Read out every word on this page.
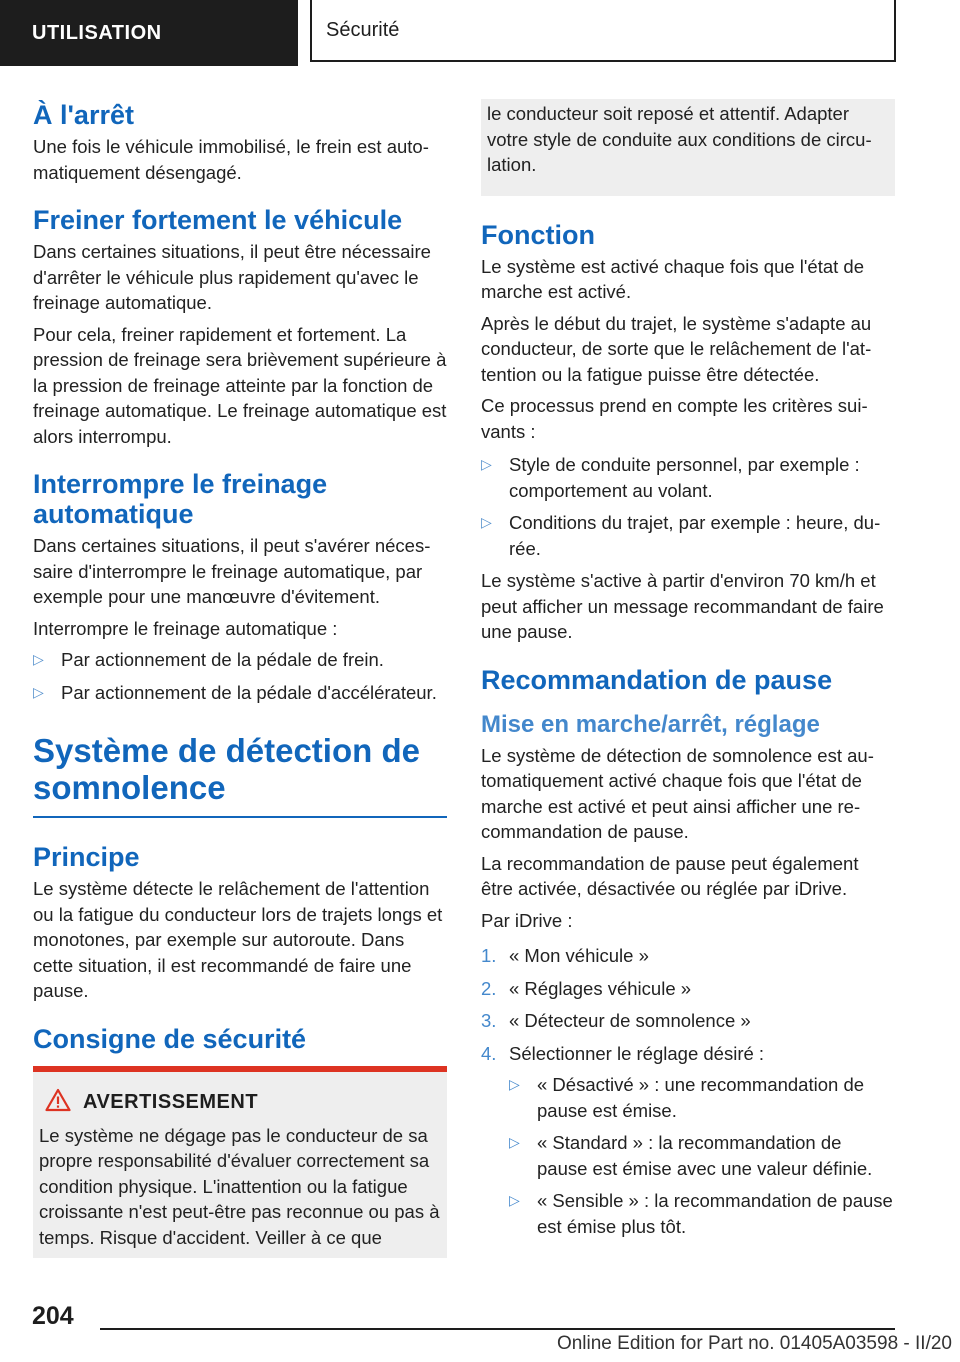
UTILISATION	Sécurité
À l'arrêt
Une fois le véhicule immobilisé, le frein est automatiquement désengagé.
Freiner fortement le véhicule
Dans certaines situations, il peut être nécessaire d'arrêter le véhicule plus rapidement qu'avec le freinage automatique.
Pour cela, freiner rapidement et fortement. La pression de freinage sera brièvement supérieure à la pression de freinage atteinte par la fonction de freinage automatique. Le freinage automatique est alors interrompu.
Interrompre le freinage automatique
Dans certaines situations, il peut s'avérer nécessaire d'interrompre le freinage automatique, par exemple pour une manœuvre d'évitement.
Interrompre le freinage automatique :
▷ Par actionnement de la pédale de frein.
▷ Par actionnement de la pédale d'accélérateur.
Système de détection de somnolence
Principe
Le système détecte le relâchement de l'attention ou la fatigue du conducteur lors de trajets longs et monotones, par exemple sur autoroute. Dans cette situation, il est recommandé de faire une pause.
Consigne de sécurité
AVERTISSEMENT
Le système ne dégage pas le conducteur de sa propre responsabilité d'évaluer correctement sa condition physique. L'inattention ou la fatigue croissante n'est peut-être pas reconnue ou pas à temps. Risque d'accident. Veiller à ce que
le conducteur soit reposé et attentif. Adapter votre style de conduite aux conditions de circulation.
Fonction
Le système est activé chaque fois que l'état de marche est activé.
Après le début du trajet, le système s'adapte au conducteur, de sorte que le relâchement de l'attention ou la fatigue puisse être détectée.
Ce processus prend en compte les critères suivants :
▷ Style de conduite personnel, par exemple : comportement au volant.
▷ Conditions du trajet, par exemple : heure, durée.
Le système s'active à partir d'environ 70 km/h et peut afficher un message recommandant de faire une pause.
Recommandation de pause
Mise en marche/arrêt, réglage
Le système de détection de somnolence est automatiquement activé chaque fois que l'état de marche est activé et peut ainsi afficher une recommandation de pause.
La recommandation de pause peut également être activée, désactivée ou réglée par iDrive.
Par iDrive :
1. « Mon véhicule »
2. « Réglages véhicule »
3. « Détecteur de somnolence »
4. Sélectionner le réglage désiré :
▷ « Désactivé » : une recommandation de pause est émise.
▷ « Standard » : la recommandation de pause est émise avec une valeur définie.
▷ « Sensible » : la recommandation de pause est émise plus tôt.
204
Online Edition for Part no. 01405A03598 - II/20
